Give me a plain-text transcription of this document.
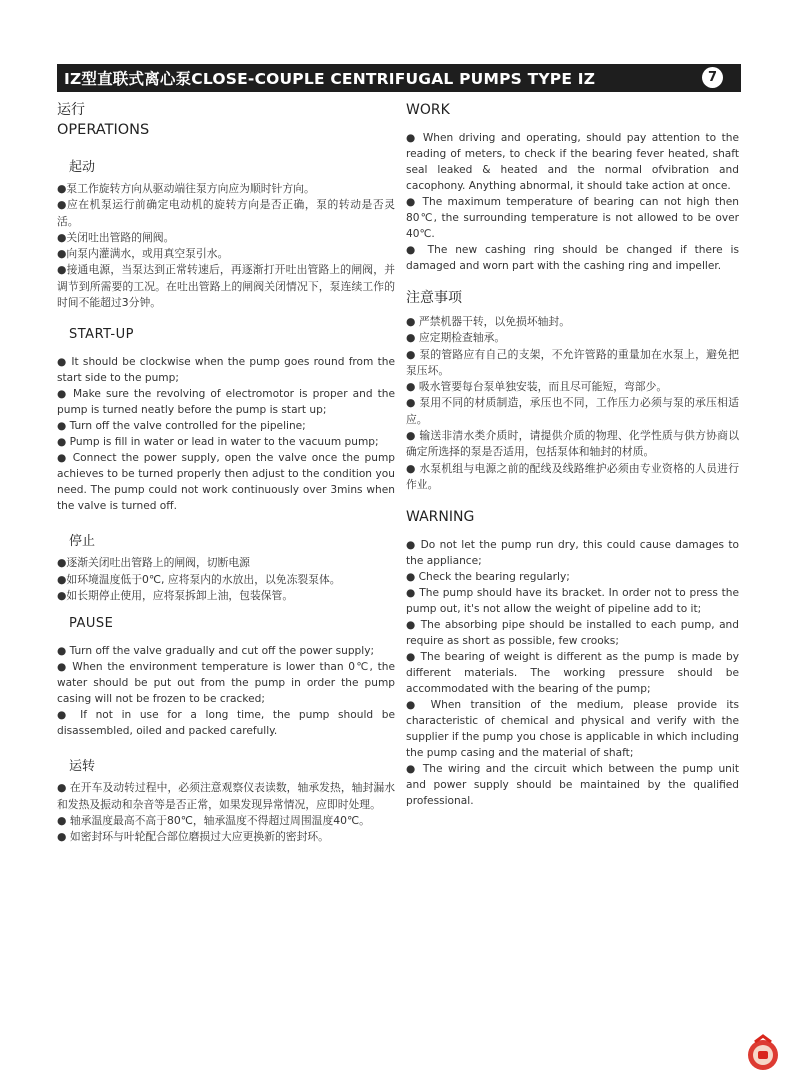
IZ型直联式离心泵CLOSE-COUPLE CENTRIFUGAL PUMPS TYPE IZ	7
运行
OPERATIONS
起动

●泵工作旋转方向从驱动端往泵方向应为顺时针方向。

●应在机泵运行前确定电动机的旋转方向是否正确，泵的转动是否灵活。

●关闭吐出管路的闸阀。

●向泵内灌满水，或用真空泵引水。

●接通电源，当泵达到正常转速后，再逐渐打开吐出管路上的闸阀，并调节到所需要的工况。在吐出管路上的闸阀关闭情况下，泵连续工作的时间不能超过3分钟。

START-UP

● It should be clockwise when the pump goes round from the start side to the pump;

● Make sure the revolving of electromotor is proper and the pump is turned neatly before the pump is start up;

● Turn off the valve controlled for the pipeline;

● Pump is fill in water or lead in water to the vacuum pump;

● Connect the power supply, open the valve once the pump achieves to be turned properly then adjust to the condition you need. The pump could not work continuously over 3mins when the valve is turned off.

停止

●逐渐关闭吐出管路上的闸阀，切断电源

●如环境温度低于0℃, 应将泵内的水放出，以免冻裂泵体。

●如长期停止使用，应将泵拆卸上油，包装保管。

PAUSE

● Turn off the valve gradually and cut off the power supply;

● When the environment temperature is lower than 0℃, the water should be put out from the pump in order the pump casing will not be frozen to be cracked;

● If not in use for a long time, the pump should be disassembled, oiled and packed carefully.

运转

● 在开车及动转过程中，必须注意观察仪表读数，轴承发热，轴封漏水和发热及振动和杂音等是否正常，如果发现异常情况，应即时处理。

● 轴承温度最高不高于80℃，轴承温度不得超过周围温度40℃。

● 如密封环与叶轮配合部位磨损过大应更换新的密封环。

WORK

● When driving and operating, should pay attention to the reading of meters, to check if the bearing fever heated, shaft seal leaked & heated and the normal ofvibration and cacophony. Anything abnormal, it should take action at once.

● The maximum temperature of bearing can not high then 80℃, the surrounding temperature is not allowed to be over 40℃.

● The new cashing ring should be changed if there is damaged and worn part with the cashing ring and impeller.

注意事项

● 严禁机器干转，以免损坏轴封。

● 应定期检查轴承。

● 泵的管路应有自己的支架，不允许管路的重量加在水泵上，避免把泵压坏。

● 吸水管要每台泵单独安装，而且尽可能短，弯部少。

● 泵用不同的材质制造，承压也不同，工作压力必须与泵的承压相适应。

● 输送非清水类介质时，请提供介质的物理、化学性质与供方协商以确定所选择的泵是否适用，包括泵体和轴封的材质。

● 水泵机组与电源之前的配线及线路维护必须由专业资格的人员进行作业。

WARNING

● Do not let the pump run dry, this could cause damages to the appliance;

● Check the bearing regularly;

● The pump should have its bracket. In order not to press the pump out, it's not allow the weight of pipeline add to it;

● The absorbing pipe should be installed to each pump, and require as short as possible, few crooks;

● The bearing of weight is different as the pump is made by different materials. The working pressure should be accommodated with the bearing of the pump;

● When transition of the medium, please provide its characteristic of chemical and physical and verify with the supplier if the pump you chose is applicable in which including the pump casing and the material of shaft;

● The wiring and the circuit which between the pump unit and power supply should be maintained by the qualified professional.
